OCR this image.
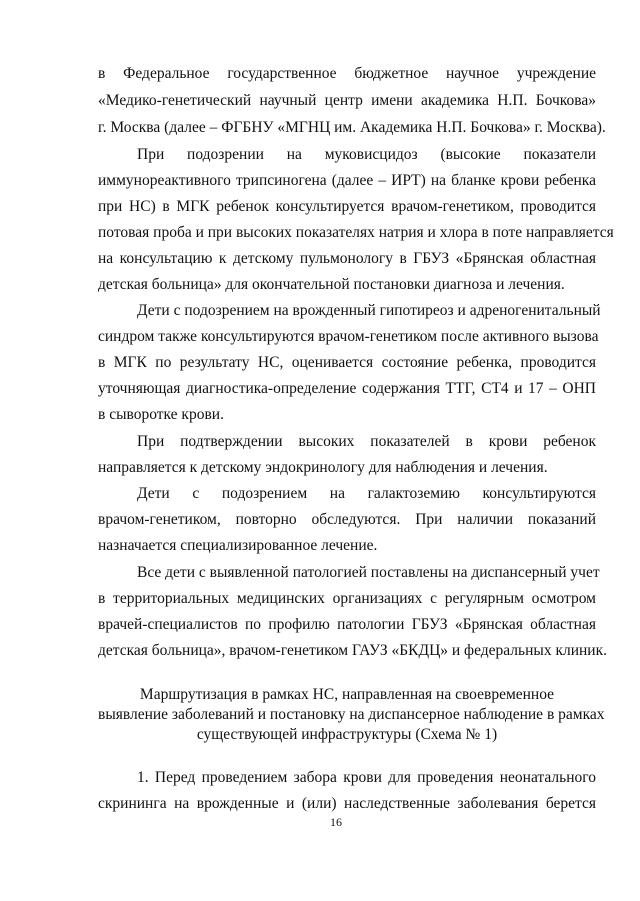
в Федеральное государственное бюджетное научное учреждение
«Медико-генетический научный центр имени академика Н.П. Бочкова»
г. Москва (далее – ФГБНУ «МГНЦ им. Академика Н.П. Бочкова» г. Москва).
При подозрении на муковисцидоз (высокие показатели
иммунореактивного трипсиногена (далее – ИРТ) на бланке крови ребенка
при НС) в МГК ребенок консультируется врачом-генетиком, проводится
потовая проба и при высоких показателях натрия и хлора в поте направляется
на консультацию к детскому пульмонологу в ГБУЗ «Брянская областная
детская больница» для окончательной постановки диагноза и лечения.
Дети с подозрением на врожденный гипотиреоз и адреногенитальный
синдром также консультируются врачом-генетиком после активного вызова
в МГК по результату НС, оценивается состояние ребенка, проводится
уточняющая диагностика-определение содержания ТТГ, СТ4 и 17 – ОНП
в сыворотке крови.
При подтверждении высоких показателей в крови ребенок
направляется к детскому эндокринологу для наблюдения и лечения.
Дети с подозрением на галактоземию консультируются
врачом-генетиком, повторно обследуются. При наличии показаний
назначается специализированное лечение.
Все дети с выявленной патологией поставлены на диспансерный учет
в территориальных медицинских организациях с регулярным осмотром
врачей-специалистов по профилю патологии ГБУЗ «Брянская областная
детская больница», врачом-генетиком ГАУЗ «БКДЦ» и федеральных клиник.
Маршрутизация в рамках НС, направленная на своевременное
выявление заболеваний и постановку на диспансерное наблюдение в рамках
существующей инфраструктуры (Схема № 1)
1. Перед проведением забора крови для проведения неонатального
скрининга на врожденные и (или) наследственные заболевания берется
16
